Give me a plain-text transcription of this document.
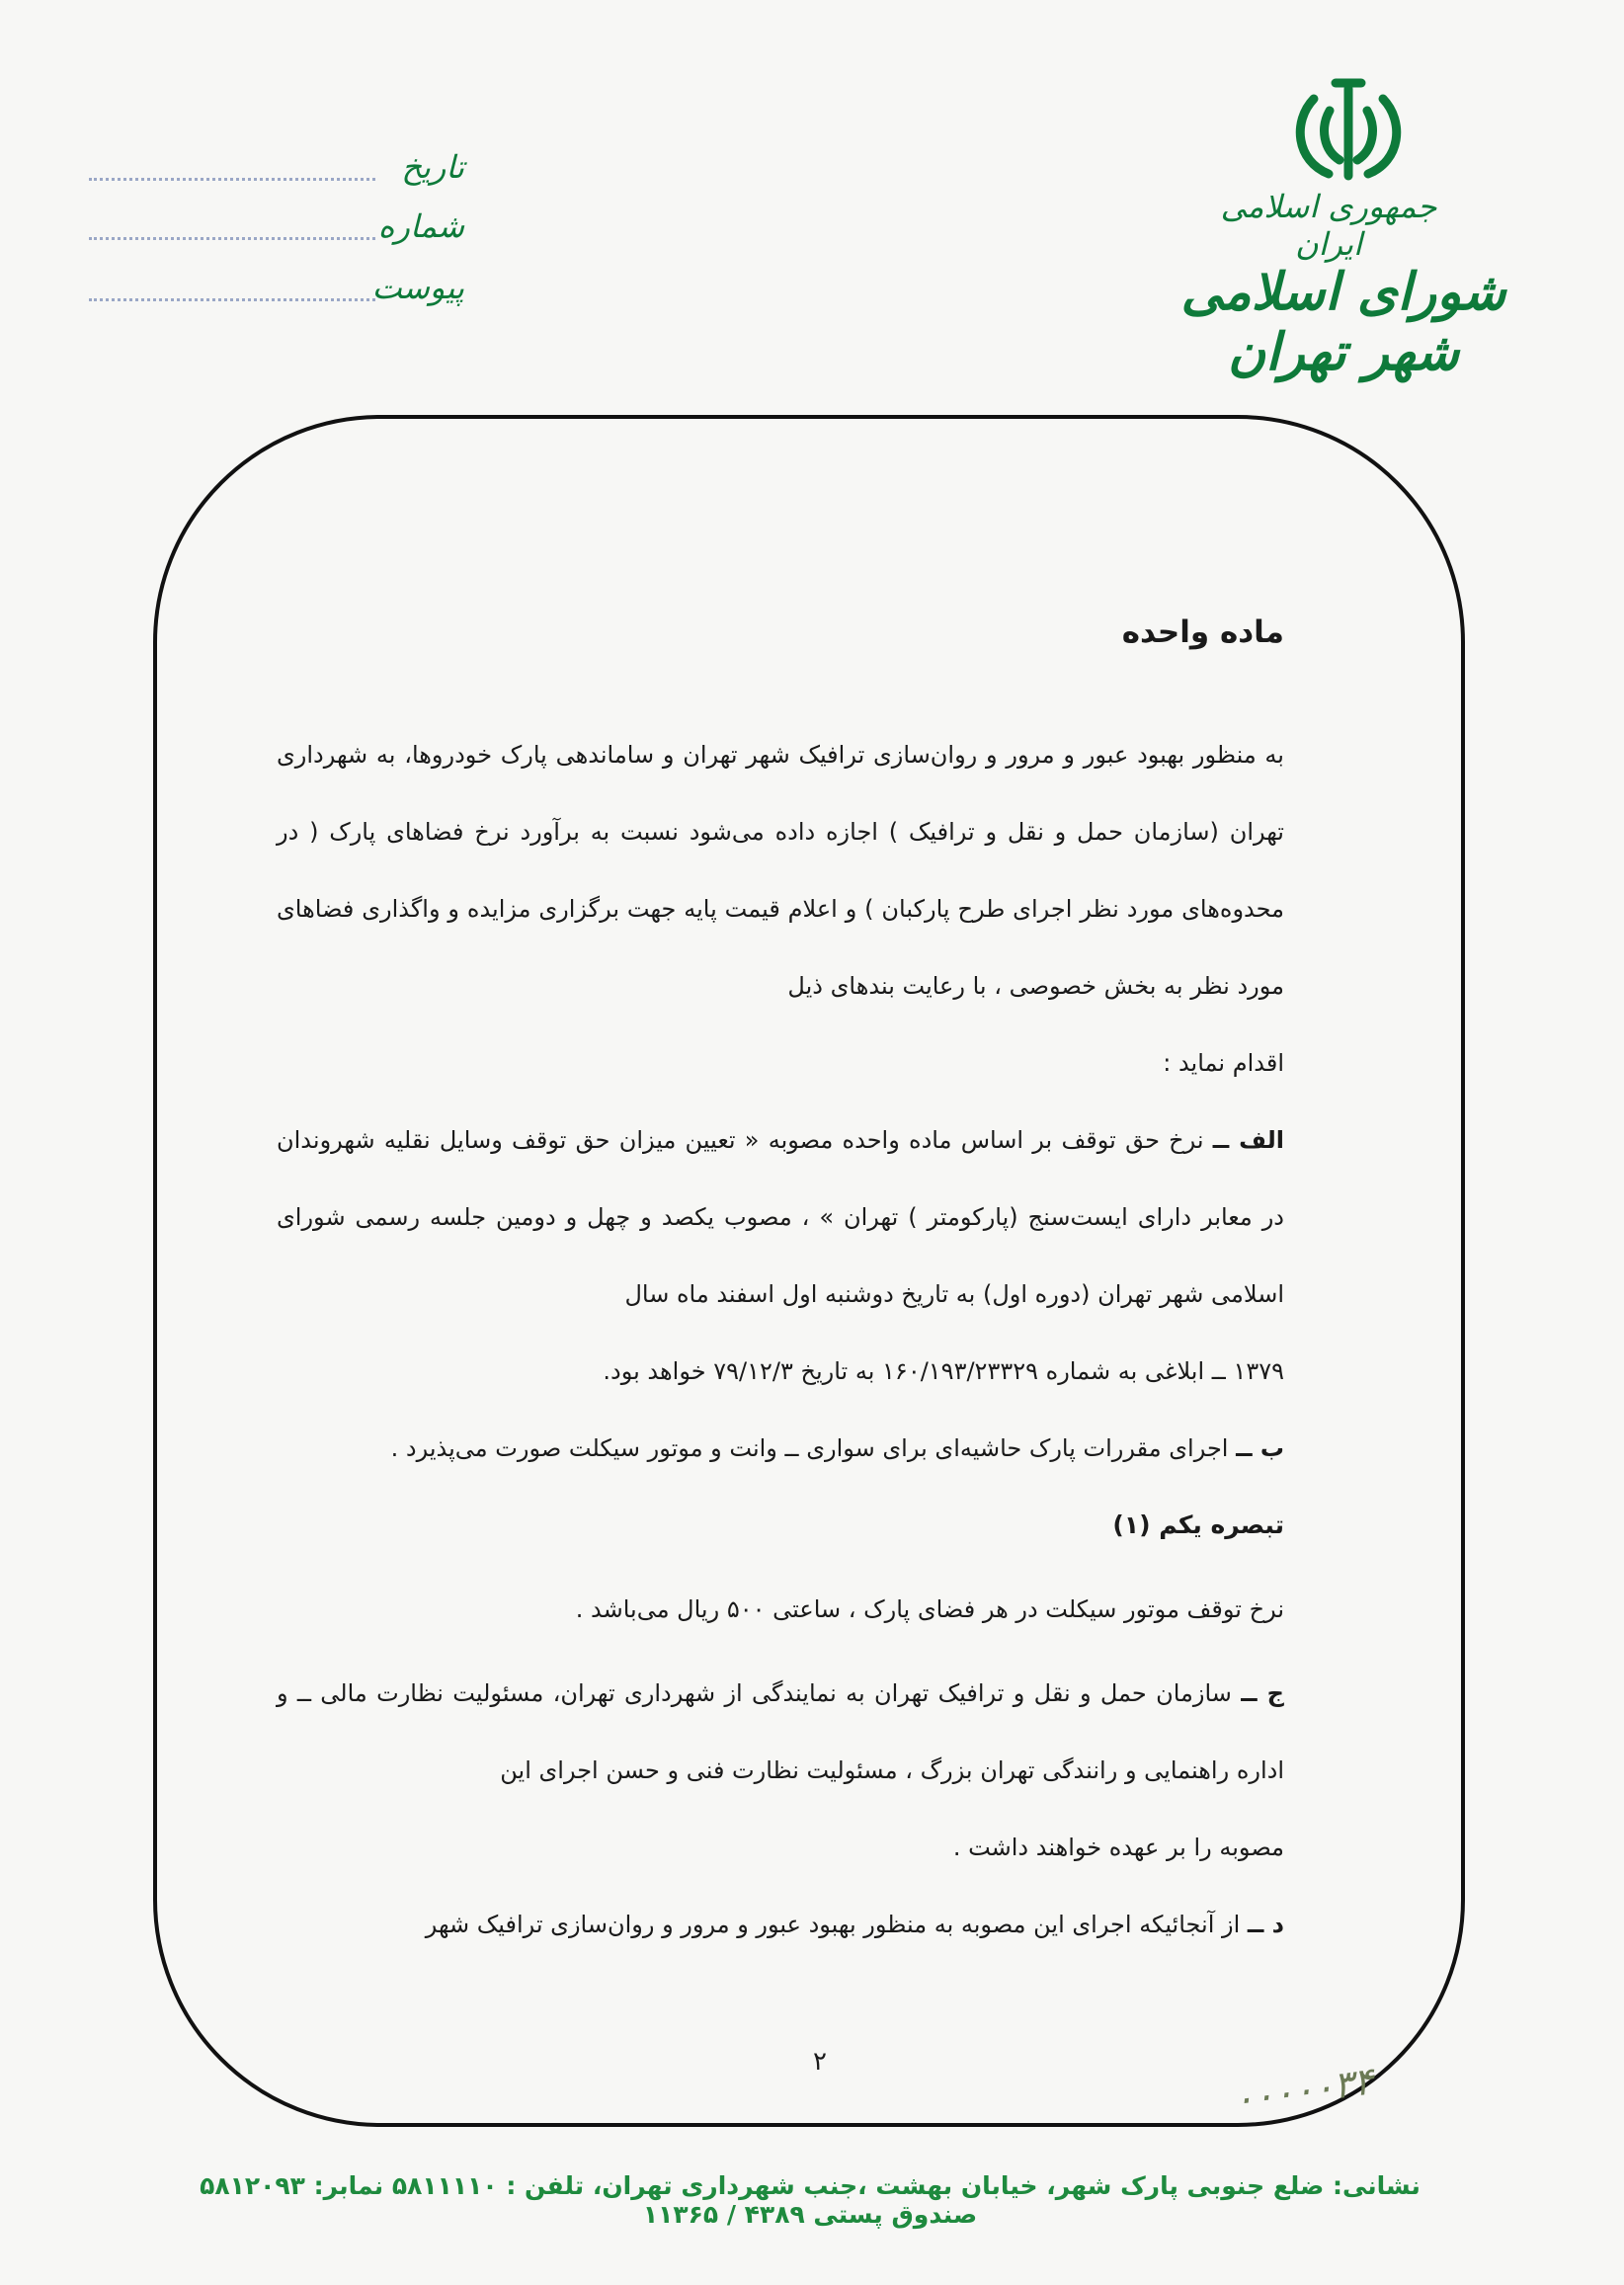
جمهوری اسلامی ایران
شورای اسلامی شهر تهران
تاریخ
شماره
پیوست
ماده واحده

به منظور بهبود عبور و مرور و روان‌سازی ترافیک شهر تهران و ساماندهی پارک خودروها، به شهرداری تهران (سازمان حمل و نقل و ترافیک ) اجازه داده می‌شود نسبت به برآورد نرخ فضاهای پارک ( در محدوه‌های مورد نظر اجرای طرح پارکبان ) و اعلام قیمت پایه جهت برگزاری مزایده و واگذاری فضاهای مورد نظر به بخش خصوصی ، با رعایت بندهای ذیل
اقدام نماید :

الف ــ نرخ حق توقف بر اساس ماده واحده مصوبه « تعیین میزان حق توقف وسایل نقلیه شهروندان در معابر دارای ایست‌سنج (پارکومتر ) تهران » ، مصوب یکصد و چهل و دومین جلسه رسمی شورای اسلامی شهر تهران (دوره اول) به تاریخ دوشنبه اول اسفند ماه سال
۱۳۷۹ ــ ابلاغی به شماره ۱۶۰/۱۹۳/۲۳۳۲۹ به تاریخ ۷۹/۱۲/۳ خواهد بود.

ب ــ اجرای مقررات پارک حاشیه‌ای برای سواری ــ وانت و موتور سیکلت صورت می‌پذیرد .

تبصره یکم (۱)

نرخ توقف موتور سیکلت در هر فضای پارک ، ساعتی ۵۰۰ ریال می‌باشد .

ج ــ سازمان حمل و نقل و ترافیک تهران به نمایندگی از شهرداری تهران، مسئولیت نظارت مالی ــ و اداره راهنمایی و رانندگی تهران بزرگ ، مسئولیت نظارت فنی و حسن اجرای این
مصوبه را بر عهده خواهند داشت .

د ــ از آنجائیکه اجرای این مصوبه به منظور بهبود عبور و مرور و روان‌سازی ترافیک شهر

۲	۰۰۰۰۰۳۴
نشانی: ضلع جنوبی پارک شهر، خیابان بهشت ،جنب شهرداری تهران، تلفن : ۵۸۱۱۱۱۰ نمابر: ۵۸۱۲۰۹۳ صندوق پستی ۴۳۸۹ / ۱۱۳۶۵
